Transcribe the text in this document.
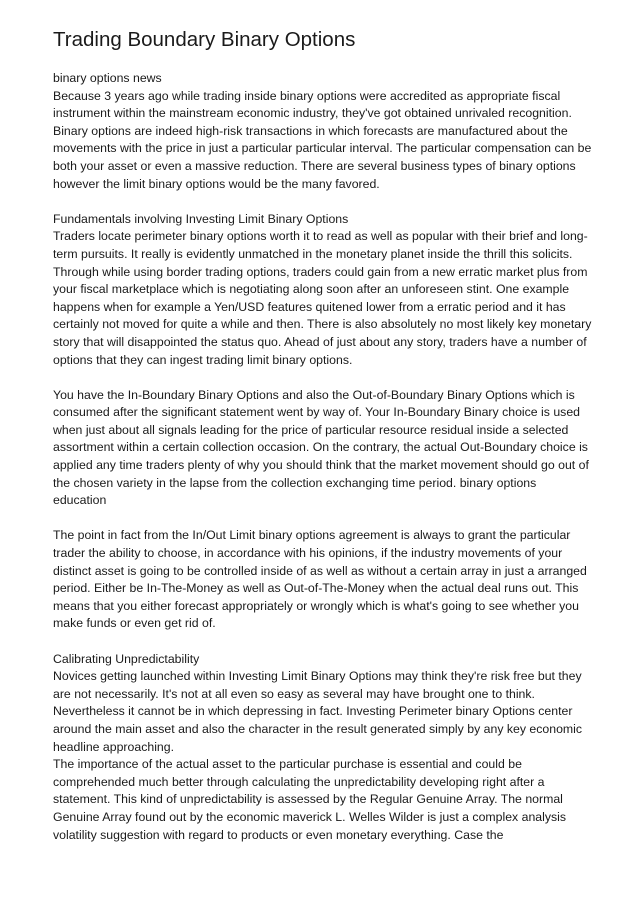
Trading Boundary Binary Options

binary options news

Because 3 years ago while trading inside binary options were accredited as appropriate fiscal instrument within the mainstream economic industry, they've got obtained unrivaled recognition. Binary options are indeed high-risk transactions in which forecasts are manufactured about the movements with the price in just a particular particular interval. The particular compensation can be both your asset or even a massive reduction. There are several business types of binary options however the limit binary options would be the many favored.

Fundamentals involving Investing Limit Binary Options

Traders locate perimeter binary options worth it to read as well as popular with their brief and long-term pursuits. It really is evidently unmatched in the monetary planet inside the thrill this solicits. Through while using border trading options, traders could gain from a new erratic market plus from your fiscal marketplace which is negotiating along soon after an unforeseen stint. One example happens when for example a Yen/USD features quitened lower from a erratic period and it has certainly not moved for quite a while and then. There is also absolutely no most likely key monetary story that will disappointed the status quo. Ahead of just about any story, traders have a number of options that they can ingest trading limit binary options.

You have the In-Boundary Binary Options and also the Out-of-Boundary Binary Options which is consumed after the significant statement went by way of. Your In-Boundary Binary choice is used when just about all signals leading for the price of particular resource residual inside a selected assortment within a certain collection occasion. On the contrary, the actual Out-Boundary choice is applied any time traders plenty of why you should think that the market movement should go out of the chosen variety in the lapse from the collection exchanging time period. binary options education

The point in fact from the In/Out Limit binary options agreement is always to grant the particular trader the ability to choose, in accordance with his opinions, if the industry movements of your distinct asset is going to be controlled inside of as well as without a certain array in just a arranged period. Either be In-The-Money as well as Out-of-The-Money when the actual deal runs out. This means that you either forecast appropriately or wrongly which is what's going to see whether you make funds or even get rid of.

Calibrating Unpredictability

Novices getting launched within Investing Limit Binary Options may think they're risk free but they are not necessarily. It's not at all even so easy as several may have brought one to think. Nevertheless it cannot be in which depressing in fact. Investing Perimeter binary Options center around the main asset and also the character in the result generated simply by any key economic headline approaching.

The importance of the actual asset to the particular purchase is essential and could be comprehended much better through calculating the unpredictability developing right after a statement. This kind of unpredictability is assessed by the Regular Genuine Array. The normal Genuine Array found out by the economic maverick L. Welles Wilder is just a complex analysis volatility suggestion with regard to products or even monetary everything. Case the
